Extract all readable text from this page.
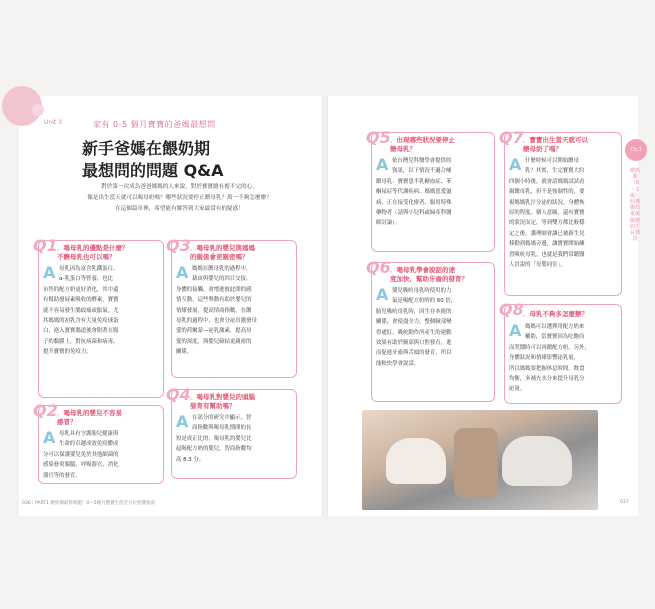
Unit 3	家有 0-5 個月寶寶的爸媽最想問
新手爸媽在餵奶期
最想問的問題 Q&A
對於第一次成為爸爸媽媽的人來說，對於寶寶總有擔不完的心，
像是出生當天就可以喝母奶嗎？哪些狀況要停止餵母乳？萬一不夠怎麼辦？
在這個篇章裡，希望能有解答到大家最常有的疑惑！
Q1 ．喝母乳的優點是什麼？
不餵母乳也可以嗎？
A 母乳因為富含乳鐵蛋白、
α-乳蛋白等營養，也比
市售的配方奶更好消化，其中還
有幫助發展素吸收的酵素，寶寶
就不容易發生腸絞痛或脹氣。尤
其媽媽的初乳含有大量免疫球蛋
白，進入寶寶腸道後會附著在腸
子的黏膜上，對抗病菌和病毒，
提升寶寶的免疫力。
Q2 ．喝母乳的嬰兒不容易
感冒？
A 母乳具有守護胎兒健康與
生命的卓越成效免疫體成
分可以保護嬰兒免於其他細菌的
感染發炎腸腦、呼吸器官、消化
器官等的發育。
Q3 ．喝母乳的嬰兒與媽媽
的親係會更親密嗎？
A 媽媽在餵母乳的過程中，
藉由與嬰兒的四目交接、
身體的接觸，會增進彼此間的感
情互動，這些舉動有助於嬰兒的
情緒發展，提高情商指數，在餵
母乳的過程中，也會分泌出激發母
愛的荷爾蒙—泌乳激素，提高母
愛的深度，與嬰兒締結更親密的
關係。
Q4 ．喝母乳對嬰兒的頭腦
發育有幫助嗎？
A 在部分的研究中顯示，智
商指數與喝母乳期間的長
短是成正比的，喝母乳的嬰兒比
起喝配方奶的嬰兒，智商指數均
高 8.3 分。
Q5 ．出現哪些狀況要停止
餵母乳？
A 依台灣兒科醫學會提供的
資訊，以下情況不適合哺
餵母乳：寶寶患半乳糖血症、苯
酮尿症等代謝疾病、媽媽患愛滋
病、正在接受化療者、服用特殊
藥物者（請與小兒科或婦產科醫
師討論）。
Q6 ．喝母乳學會說話的速
度加快、幫助牙齒的發育？
A 嬰兒吸吮母乳時使用的力
氣是喝配方奶時的 60 倍，
胎兒吸吮母乳時，因生存本能的
關係，會使盡全力，整個臉部變
得通紅。吸吮動作所產生的運動
效果有助於臉部與口腔發育，進
而促進牙齒與舌頭的發育，所以
能較快學會說話。
Q7 ．寶寶出生當天就可以
餵母奶了嗎？
A 什麼時候可以開始餵母
乳？其實，生完寶寶大約
四個小時後，就會請媽媽試試看
親餵母乳，但不是強制性的，要
視媽媽乳汁分泌的狀況、身體恢
原的程度、個人意願，還有寶寶
的狀況而定，等到雙方都比較穩
定之後，護理師會讓已被新生兒
移動到媽媽旁邊，讓寶寶開始練
習吸吮母乳，也就是我們常聽醫
人員說的「母嬰同室」。
Q8 ．母乳不夠多怎麼辦？
A 媽媽可以選擇用配方奶來
輔助，當寶寶因為吃飽而
而哭鬧時可以再餵配方奶，另外，
身體狀況和情緒影響泌乳量，
所以媽媽要把握休息時間，飲食
均衡，多補充水分來提升母乳分
泌量。
Ch.1
餵奶期（0～1歲）照護嬰幼童最關鍵的生長階段
036｜PART1 餵奶期最常問題！0～5個月寶寶生活全方位照護指南	037
